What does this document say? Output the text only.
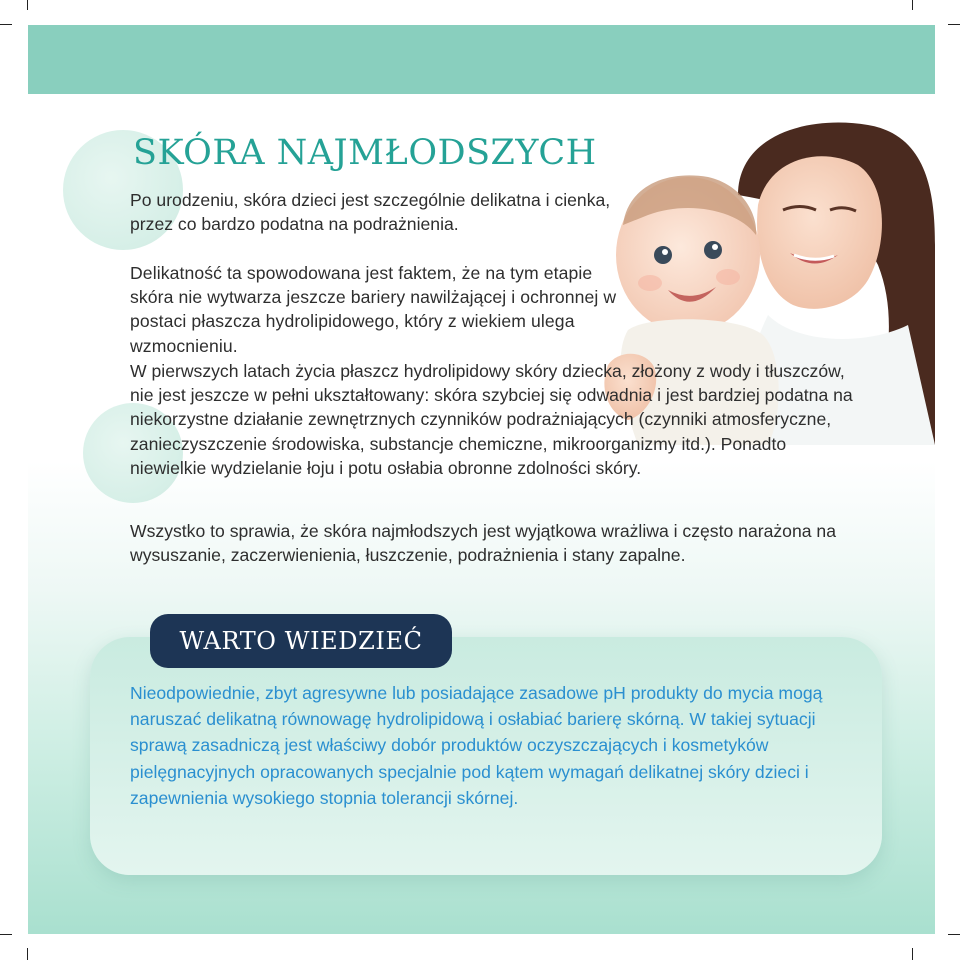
SKÓRA NAJMŁODSZYCH

Po urodzeniu, skóra dzieci jest szczególnie delikatna i cienka, przez co bardzo podatna na podrażnienia.

Delikatność ta spowodowana jest faktem, że na tym etapie skóra nie wytwarza jeszcze bariery nawilżającej i ochronnej w postaci płaszcza hydrolipidowego, który z wiekiem ulega wzmocnieniu.

W pierwszych latach życia płaszcz hydrolipidowy skóry dziecka, złożony z wody i tłuszczów, nie jest jeszcze w pełni ukształtowany: skóra szybciej się odwadnia i jest bardziej podatna na niekorzystne działanie zewnętrznych czynników podrażniających (czynniki atmosferyczne, zanieczyszczenie środowiska, substancje chemiczne, mikroorganizmy itd.). Ponadto niewielkie wydzielanie łoju i potu osłabia obronne zdolności skóry.

Wszystko to sprawia, że skóra najmłodszych jest wyjątkowa wrażliwa i często narażona na wysuszanie, zaczerwienienia, łuszczenie, podrażnienia i stany zapalne.

WARTO WIEDZIEĆ

Nieodpowiednie, zbyt agresywne lub posiadające zasadowe pH produkty do mycia mogą naruszać delikatną równowagę hydrolipidową i osłabiać barierę skórną. W takiej sytuacji sprawą zasadniczą jest właściwy dobór produktów oczyszczających i kosmetyków pielęgnacyjnych opracowanych specjalnie pod kątem wymagań delikatnej skóry dzieci i zapewnienia wysokiego stopnia tolerancji skórnej.
